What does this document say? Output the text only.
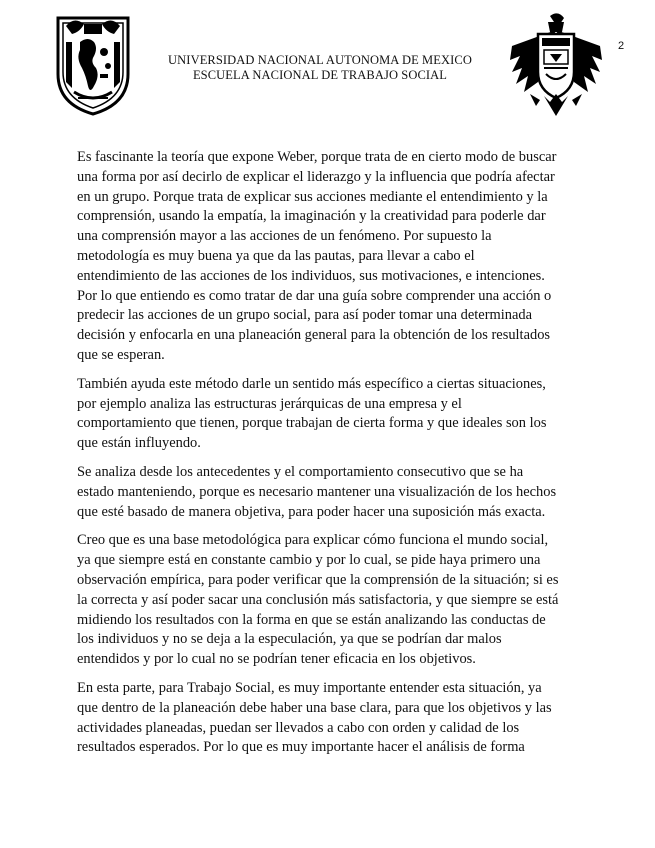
UNIVERSIDAD NACIONAL AUTONOMA DE MEXICO
ESCUELA NACIONAL DE TRABAJO SOCIAL
2

Es fascinante la teoría que expone Weber, porque trata de en cierto modo de buscar
una forma por así decirlo de explicar el liderazgo y la influencia que podría afectar
en un grupo. Porque trata de explicar sus acciones mediante el entendimiento y la
comprensión, usando la empatía, la imaginación y la creatividad para poderle dar
una comprensión mayor a las acciones de un fenómeno. Por supuesto la
metodología es muy buena ya que da las pautas, para llevar a cabo el
entendimiento de las acciones de los individuos, sus motivaciones, e intenciones.
Por lo que entiendo es como tratar de dar una guía sobre comprender una acción o
predecir las acciones de un grupo social, para así poder tomar una determinada
decisión y enfocarla en una planeación general para la obtención de los resultados
que se esperan.

También ayuda este método darle un sentido más específico a ciertas situaciones,
por ejemplo analiza las estructuras jerárquicas de una empresa y el
comportamiento que tienen, porque trabajan de cierta forma y que ideales son los
que están influyendo.

Se analiza desde los antecedentes y el comportamiento consecutivo que se ha
estado manteniendo, porque es necesario mantener una visualización de los hechos
que esté basado de manera objetiva, para poder hacer una suposición más exacta.

Creo que es una base metodológica para explicar cómo funciona el mundo social,
ya que siempre está en constante cambio y por lo cual, se pide haya primero una
observación empírica, para poder verificar que la comprensión de la situación; si es
la correcta y así poder sacar una conclusión más satisfactoria, y que siempre se está
midiendo los resultados con la forma en que se están analizando las conductas de
los individuos y no se deja a la especulación, ya que se podrían dar malos
entendidos y por lo cual no se podrían tener eficacia en los objetivos.

En esta parte, para Trabajo Social, es muy importante entender esta situación, ya
que dentro de la planeación debe haber una base clara, para que los objetivos y las
actividades planeadas, puedan ser llevados a cabo con orden y calidad de los
resultados esperados. Por lo que es muy importante hacer el análisis de forma
